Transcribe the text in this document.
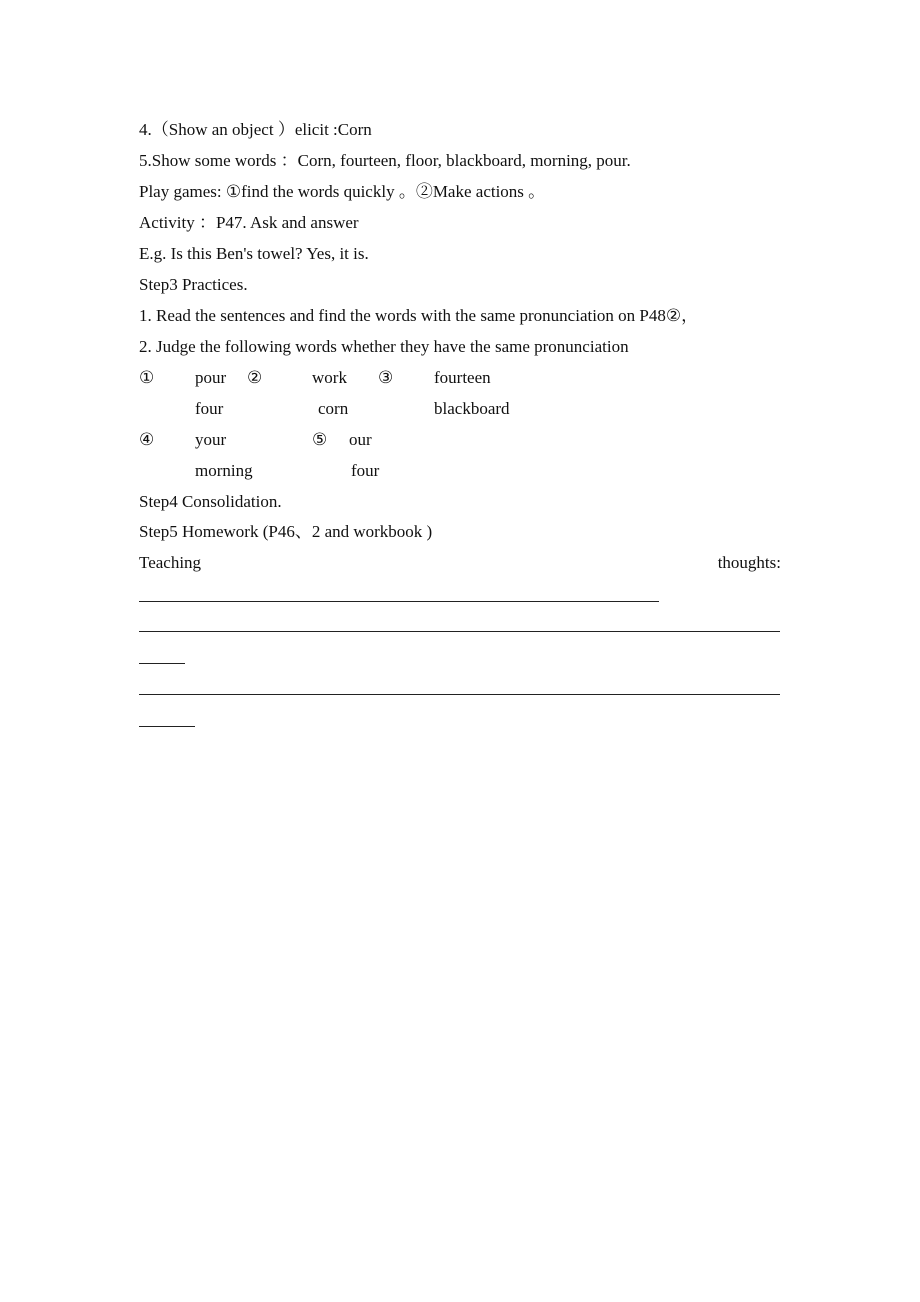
4.（Show an object ）elicit :Corn
5.Show some words ：Corn, fourteen, floor, blackboard, morning, pour.
Play games: ①find the words quickly 。②Make actions 。
Activity ：P47. Ask and answer
E.g. Is this Ben's towel? Yes, it is.
Step3 Practices.
1. Read the sentences and find the words with the same pronunciation on P48②，
2. Judge the following words whether they have the same pronunciation
① pour ②	work ③ fourteen
four	corn	blackboard
④ your	⑤ our
morning	four
Step4 Consolidation.
Step5 Homework (P46、2 and workbook )
Teaching	thoughts:
